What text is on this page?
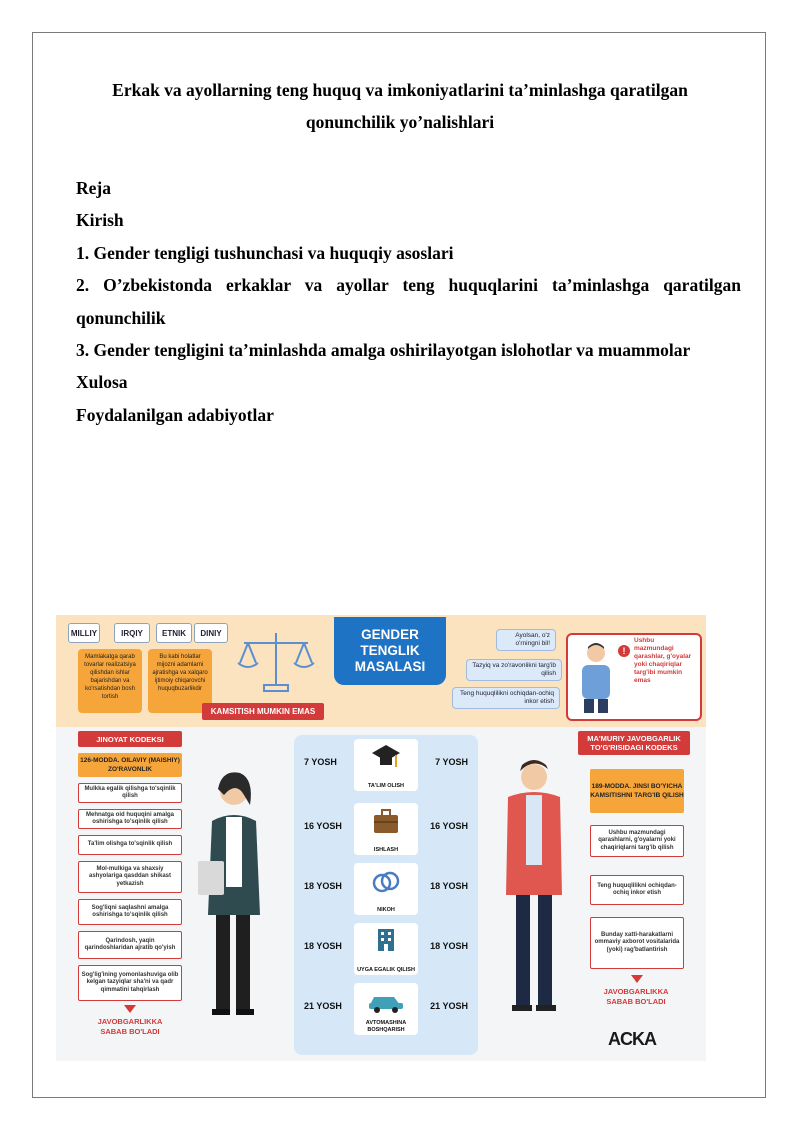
Erkak va ayollarning teng huquq va imkoniyatlarini ta’minlashga qaratilgan
qonunchilik yo’nalishlari
Reja
Kirish
1. Gender tengligi tushunchasi va huquqiy asoslari
2. O’zbekistonda erkaklar va ayollar teng huquqlarini ta’minlashga qaratilgan
qonunchilik
3. Gender tengligini ta’minlashda amalga oshirilayotgan islohotlar va muammolar
Xulosa
Foydalanilgan adabiyotlar
MILLIY	IRQIY	ETNIK	DINIY
Mamlakatga qarab tovarlar realizatsiya qilishdan ishlar bajarishdan va ko'rsatishdan bosh tortish
Bu kabi holatlar mijozni adamlarni ajratishga va xalqaro ijtimoiy chiqarovchi huquqbuzarlikdir
KAMSITISH MUMKIN EMAS
GENDER
TENGLIK
MASALASI
Ayolsan, o'z o'rningni bil!
Tazyiq va zo'ravonlikni targ'ib qilish
Teng huquqlilikni ochiqdan-ochiq inkor etish
!
Ushbu mazmundagi qarashlar, g'oyalar yoki chaqiriqlar targ'ibi mumkin emas
JINOYAT KODEKSI
126-MODDA. OILAVIY (MAISHIY) ZO'RAVONLIK
Mulkka egalik qilishga to'sqinlik qilish
Mehnatga oid huquqini amalga oshirishga to'sqinlik qilish
Ta'lim olishga to'sqinlik qilish
Mol-mulkiga va shaxsiy ashyolariga qasddan shikast yetkazish
Sog'liqni saqlashni amalga oshirishga to'sqinlik qilish
Qarindosh, yaqin qarindoshlaridan ajratib qo'yish
Sog'lig'ining yomonlashuviga olib kelgan tazyiqlar sha'ni va qadr qimmatini tahqirlash
JAVOBGARLIKKA
SABAB BO'LADI
7 YOSH	7 YOSH
TA'LIM OLISH
16 YOSH	16 YOSH
ISHLASH
18 YOSH	18 YOSH
NIKOH
18 YOSH	18 YOSH
UYGA EGALIK QILISH
21 YOSH	21 YOSH
AVTOMASHINA BOSHQARISH
MA'MURIY JAVOBGARLIK TO'G'RISIDAGI KODEKS
189-MODDA. JINSI BO'YICHA KAMSITISHNI TARG'IB QILISH
Ushbu mazmundagi qarashlarni, g'oyalarni yoki chaqiriqlarni targ'ib qilish
Teng huquqlilikni ochiqdan-ochiq inkor etish
Bunday xatti-harakatlarni ommaviy axborot vositalarida (yoki) rag'batlantirish
JAVOBGARLIKKA
SABAB BO'LADI
ACKA
